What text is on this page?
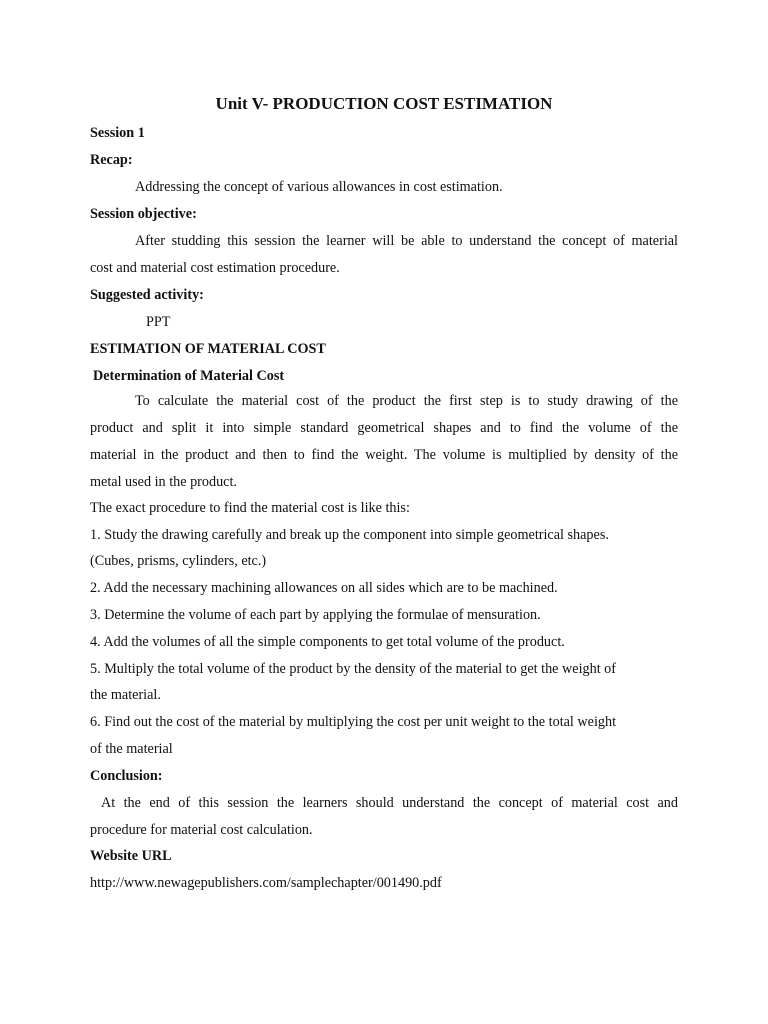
Unit V- PRODUCTION COST ESTIMATION
Session 1
Recap:
Addressing the concept of various allowances in cost estimation.
Session objective:
After studding this session the learner will be able to understand the concept of material
cost and material cost estimation procedure.
Suggested activity:
PPT
ESTIMATION OF MATERIAL COST
Determination of Material Cost
To calculate the material cost of the product the first step is to study drawing of the
product and split it into simple standard geometrical shapes and to find the volume of the
material in the product and then to find the weight. The volume is multiplied by density of the
metal used in the product.
The exact procedure to find the material cost is like this:
1. Study the drawing carefully and break up the component into simple geometrical shapes.
(Cubes, prisms, cylinders, etc.)
2. Add the necessary machining allowances on all sides which are to be machined.
3. Determine the volume of each part by applying the formulae of mensuration.
4. Add the volumes of all the simple components to get total volume of the product.
5. Multiply the total volume of the product by the density of the material to get the weight of
the material.
6. Find out the cost of the material by multiplying the cost per unit weight to the total weight
of the material
Conclusion:
At the end of this session the learners should understand the concept of material cost and
procedure for material cost calculation.
Website URL
http://www.newagepublishers.com/samplechapter/001490.pdf
